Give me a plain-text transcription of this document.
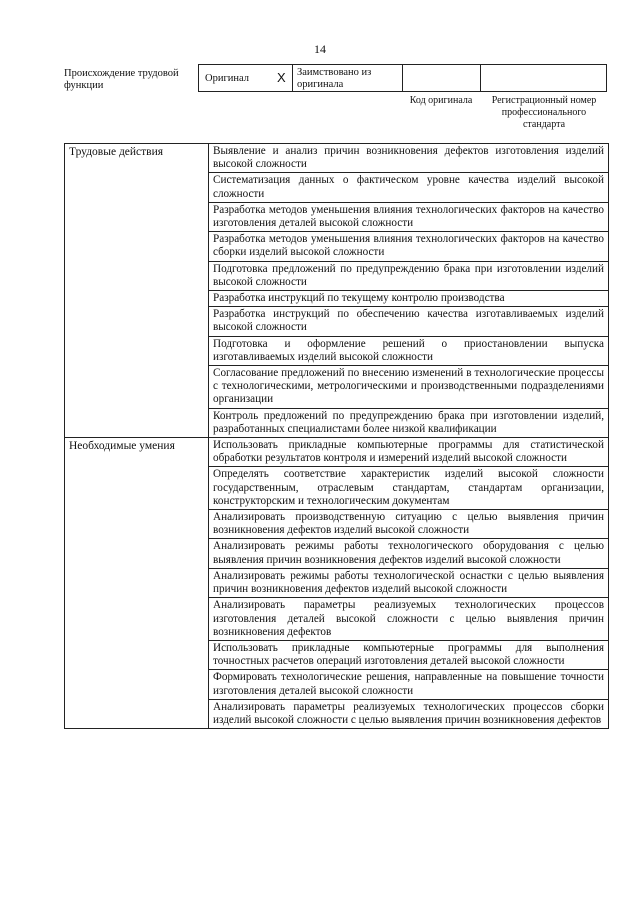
14
Происхождение трудовой функции
Оригинал X Заимствовано из оригинала
Код оригинала	Регистрационный номер профессионального стандарта
Трудовые действия	Выявление и анализ причин возникновения дефектов изготовления изделий высокой сложности

	Систематизация данных о фактическом уровне качества изделий высокой сложности

	Разработка методов уменьшения влияния технологических факторов на качество изготовления деталей высокой сложности

	Разработка методов уменьшения влияния технологических факторов на качество сборки изделий высокой сложности

	Подготовка предложений по предупреждению брака при изготовлении изделий высокой сложности

	Разработка инструкций по текущему контролю производства

	Разработка инструкций по обеспечению качества изготавливаемых изделий высокой сложности

	Подготовка и оформление решений о приостановлении выпуска изготавливаемых изделий высокой сложности

	Согласование предложений по внесению изменений в технологические процессы с технологическими, метрологическими и производственными подразделениями организации

	Контроль предложений по предупреждению брака при изготовлении изделий, разработанных специалистами более низкой квалификации

Необходимые умения	Использовать прикладные компьютерные программы для статистической обработки результатов контроля и измерений изделий высокой сложности

	Определять соответствие характеристик изделий высокой сложности государственным, отраслевым стандартам, стандартам организации, конструкторским и технологическим документам

	Анализировать производственную ситуацию с целью выявления причин возникновения дефектов изделий высокой сложности

	Анализировать режимы работы технологического оборудования с целью выявления причин возникновения дефектов изделий высокой сложности

	Анализировать режимы работы технологической оснастки с целью выявления причин возникновения дефектов изделий высокой сложности

	Анализировать параметры реализуемых технологических процессов изготовления деталей высокой сложности с целью выявления причин возникновения дефектов

	Использовать прикладные компьютерные программы для выполнения точностных расчетов операций изготовления деталей высокой сложности

	Формировать технологические решения, направленные на повышение точности изготовления деталей высокой сложности

	Анализировать параметры реализуемых технологических процессов сборки изделий высокой сложности с целью выявления причин возникновения дефектов
